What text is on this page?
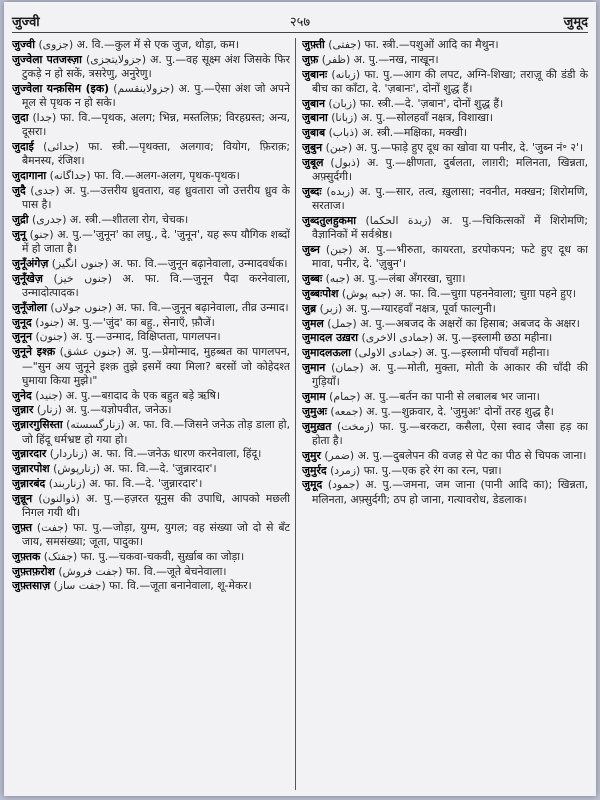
जुज्वी	२५७	जुमूद

जुज्वी (جزوی) अ. वि.—कुल में से एक जुज, थोड़ा, कम।

जुज्वेला पतजस्ज़ा (جزولايتجزى) अ. पु.—वह सूक्ष्म अंश जिसके फिर टुकड़े न हो सकें, त्रसरेणु, अनुरेणु।

जुज्वेला यन्क़सिम (इक) (جزولاينقسم) अ. पु.—ऐसा अंश जो अपने मूल से पृथक न हो सके।

जुदा (جدا) फा. वि.—पृथक, अलग; भिन्न, मस्तलिफ़; विरहग्रस्त; अन्य, दूसरा।

जुदाई (جدائی) फा. स्त्री.—पृथक्ता, अलगाव; वियोग, फ़िराक़; बैमनस्य, रंजिश।

जुदागाना (جداگانه) फा. वि.—अलग-अलग, पृथक-पृथक।

जुदै (جدی) अ. पु.—उत्तरीय ध्रुवतारा, वह ध्रुवतारा जो उत्तरीय ध्रुव के पास है।

जुद्री (جدری) अ. स्त्री.—शीतला रोग, चेचक।

जुनू (جنو) अ. पु.—'जुनून' का लघु., दे. 'जुनून', यह रूप यौगिक शब्दों में हो जाता है।

जुनूँअंगेज़ (جنوں انگیز) अ. फा. वि.—जुनून बढ़ानेवाला, उन्मादवर्धक।

जुनूँखेज़ (جنوں خیز) अ. फा. वि.—जुनून पैदा करनेवाला, उन्मादोत्पादक।

जुनूँजोला (جنوں جولاں) अ. फा. वि.—जुनून बढ़ानेवाला, तीव्र उन्माद।

जुनूद (جنود) अ. पु.—'जुंद' का बहु., सेनाएँ, फ़ौजें।

जुनून (جنون) अ. पु.—उन्माद, विक्षिप्तता, पागलपन।

जुनूने इश्क़ (جنون عشق) अ. पु.—प्रेमोन्माद, मुहब्बत का पागलपन,—"सुन अय जुनूने इश्क़ तुझे इसमें क्या मिला? बरसों जो कोहेदश्त घुमाया किया मुझे।"

जुनेद (جنید) अ. पु.—बग़दाद के एक बहुत बड़े ऋषि।

जुन्नार (زنار) अ. पु.—यज्ञोपवीत, जनेऊ।

जुन्नारगुसिस्ता (زنارگسسته) अ. फा. वि.—जिसने जनेऊ तोड़ डाला हो, जो हिंदू धर्मभ्रष्ट हो गया हो।

जुन्नारदार (زناردار) अ. फा. वि.—जनेऊ धारण करनेवाला, हिंदू।

जुन्नारपोश (زنارپوش) अ. फा. वि.—दे. 'जुन्नारदार'।

जुन्नारबंद (زناربند) अ. फा. वि.—दे. 'जुन्नारदार'।

जुन्नून (ذوالنون) अ. पु.—हज़रत यूनुस की उपाधि, आपको मछली निगल गयी थी।

जुफ़्त (جفت) फा. पु.—जोड़ा, युग्म, युगल; वह संख्या जो दो से बँट जाय, समसंख्या; जूता, पादुका।

जुफ़्तक (جفتک) फा. पु.—चकवा-चकवी, सुर्ख़ाब का जोड़ा।

जुफ़्तफ़रोश (جفت فروش) फा. वि.—जूते बेचनेवाला।

जुफ़्तसाज़ (جفت ساز) फा. वि.—जूता बनानेवाला, शू-मेकर।

जुफ़्ती (جفتی) फा. स्त्री.—पशुओं आदि का मैथुन।

जुफ़ (ظفر) अ. पु.—नख, नाखून।

जुबानः (زبانه) फा. पु.—आग की लपट, अग्नि-शिखा; तराज़ू की डंडी के बीच का काँटा, दे. 'ज़बानः', दोनों शुद्ध हैं।

जुबान (زبان) फा. स्त्री.—दे. 'ज़बान', दोनों शुद्ध हैं।

जुबाना (زبانا) अ. पु.—सोलहवाँ नक्षत्र, विशाखा।

जुबाब (ذباب) अ. स्त्री.—मक्षिका, मक्खी।

जुबुन (جبن) अ. पु.—फाड़े हुए दूध का खोवा या पनीर, दे. 'जुब्न नं॰ २'।

जुबूल (ذبول) अ. पु.—क्षीणता, दुर्बलता, लाग़री; मलिनता, खिन्नता, अफ़्सुर्दगी।

जुब्दः (زبده) अ. पु.—सार, तत्व, ख़ुलासा; नवनीत, मक्खन; शिरोमणि, सरताज।

जुब्दतुलहुकमा (زبدة الحكما) अ. पु.—चिकित्सकों में शिरोमणि; वैज्ञानिकों में सर्वश्रेष्ठ।

जुब्न (جبن) अ. पु.—भीरुता, कायरता, डरपोकपन; फटे हुए दूध का मावा, पनीर, दे. 'ज़ुबुन'।

जुब्बः (جبه) अ. पु.—लंबा अँगरखा, चुग़ा।

जुब्बःपोश (جبه پوش) अ. फा. वि.—चुग़ा पहननेवाला; चुग़ा पहने हुए।

जुब्र (زبر) अ. पु.—ग्यारहवाँ नक्षत्र, पूर्वा फाल्गुनी।

जुमल (جمل) अ. पु.—अबजद के अक्षरों का हिसाब; अबजद के अक्षर।

जुमादल उख़रा (جمادی الاخری) अ. पु.—इस्लामी छठा महीना।

जुमादलऊला (جمادی الاولی) अ. पु.—इस्लामी पाँचवाँ महीना।

जुमान (جمان) अ. पु.—मोती, मुक्ता, मोती के आकार की चाँदी की गुड़ियाँ।

जुमाम (جمام) अ. पु.—बर्तन का पानी से लबालब भर जाना।

जुमुअः (جمعه) अ. पु.—शुक्रवार, दे. 'जुमुअः' दोनों तरह शुद्ध है।

जुमुख़त (زمخت) फा. पु.—बरकटा, कसैला, ऐसा स्वाद जैसा हड़ का होता है।

जुमुर (ضمر) अ. पु.—दुबलेपन की वजह से पेट का पीठ से चिपक जाना।

जुमुर्रद (زمرد) फा. पु.—एक हरे रंग का रत्न, पन्ना।

जुमूद (جمود) अ. पु.—जमना, जम जाना (पानी आदि का); खिन्नता, मलिनता, अफ़्सुर्दगी; ठप हो जाना, गत्यावरोध, डेडलाक।
